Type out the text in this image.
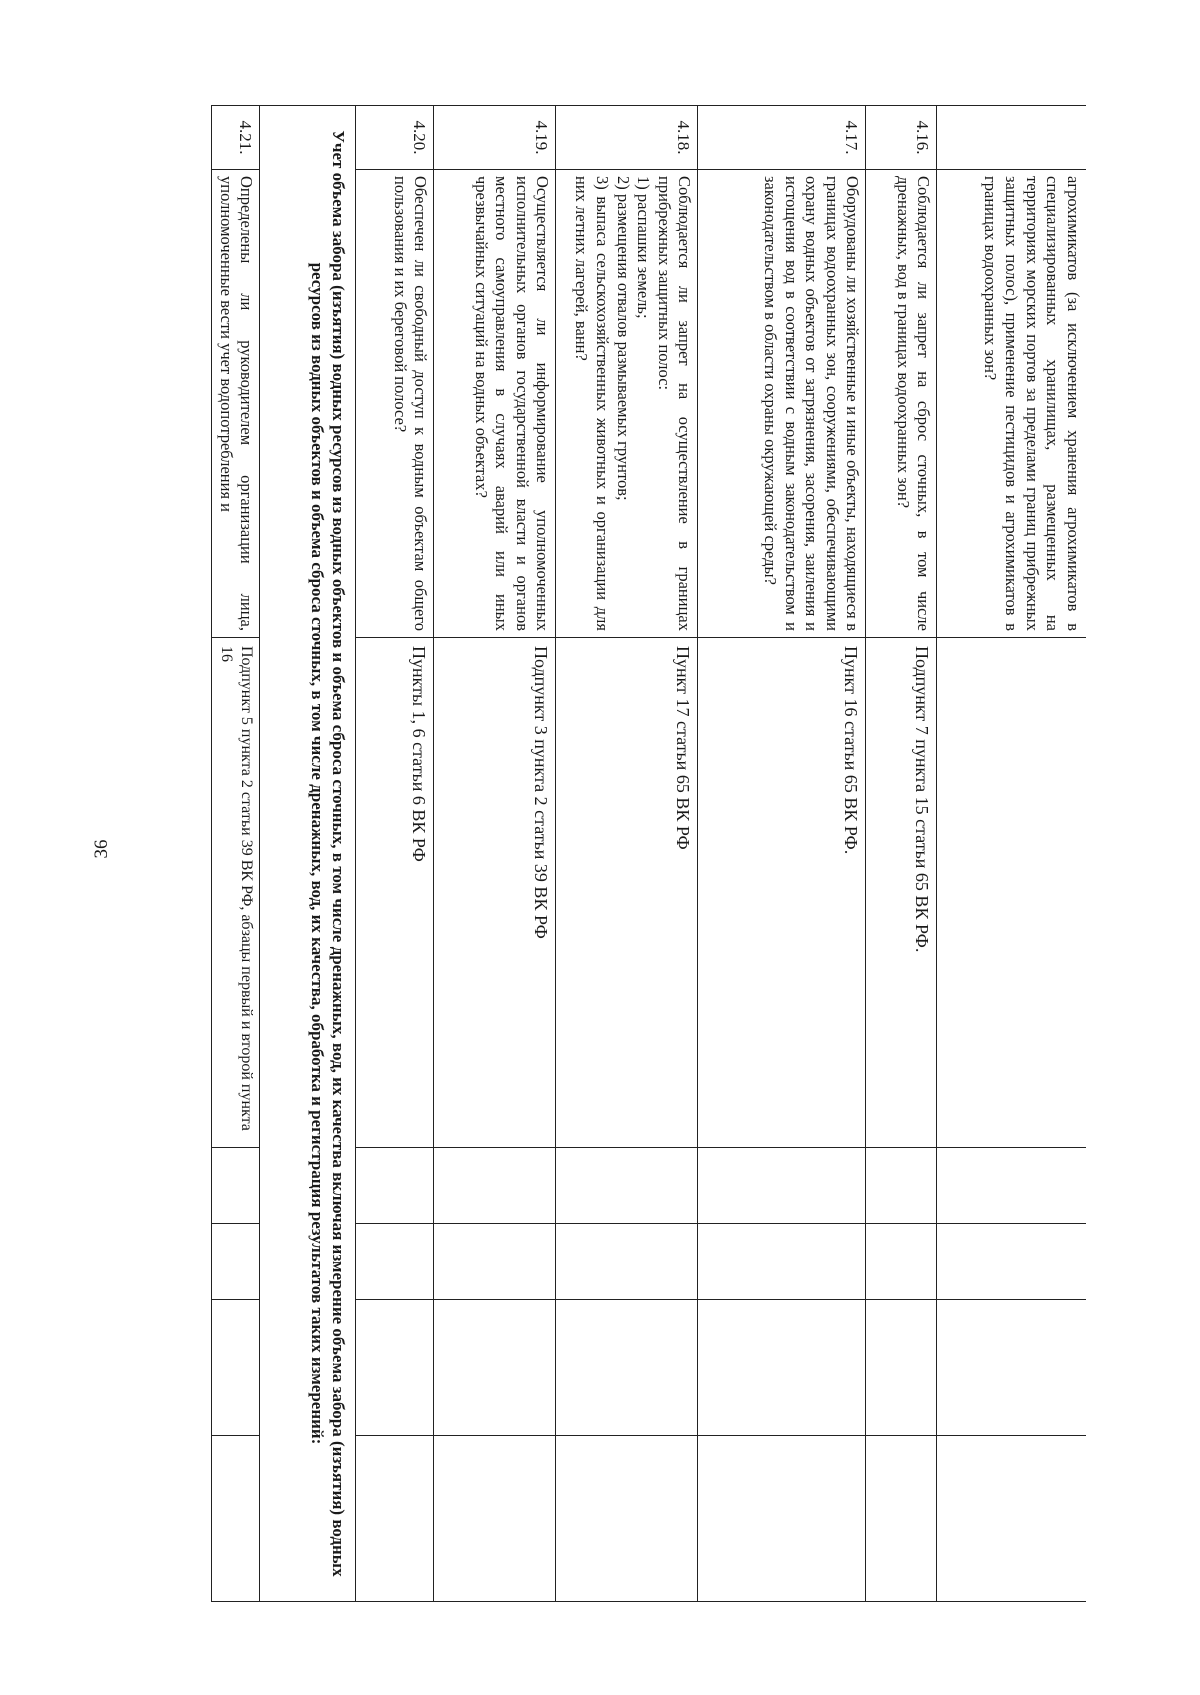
36
	агрохимикатов (за исключением хранения агрохимикатов в специализированных хранилищах, размещенных на территориях морских портов за пределами границ прибрежных защитных полос), применение пестицидов и агрохимикатов в границах водоохранных зон?					
4.16.	Соблюдается ли запрет на сброс сточных, в том числе дренажных, вод в границах водоохранных зон?	Подпункт 7 пункта 15 статьи 65 ВК РФ.				
4.17.	Оборудованы ли хозяйственные и иные объекты, находящиеся в границах водоохранных зон, сооружениями, обеспечивающими охрану водных объектов от загрязнения, засорения, заиления и истощения вод в соответствии с водным законодательством и законодательством в области охраны окружающей среды?	Пункт 16 статьи 65 ВК РФ.				
4.18.	Соблюдается ли запрет на осуществление в границах прибрежных защитных полос:
1) распашки земель;
2) размещения отвалов размываемых грунтов;
3) выпаса сельскохозяйственных животных и организации для них летних лагерей, ванн?	Пункт 17 статьи 65 ВК РФ				
4.19.	Осуществляется ли информирование уполномоченных исполнительных органов государственной власти и органов местного самоуправления в случаях аварий или иных чрезвычайных ситуаций на водных объектах?	Подпункт 3 пункта 2 статьи 39 ВК РФ				
4.20.	Обеспечен ли свободный доступ к водным объектам общего пользования и их береговой полосе?	Пункты 1, 6 статьи 6 ВК РФ				
Учет объема забора (изъятия) водных ресурсов из водных объектов и объема сброса сточных, в том числе дренажных, вод, их качества включая измерение объема забора (изъятия) водных ресурсов из водных объектов и объема сброса сточных, в том числе дренажных, вод, их качества, обработка и регистрация результатов таких измерений:						
4.21.	Определены ли руководителем организации лица, уполномоченные вести учет водопотребления и	Подпункт 5 пункта 2 статьи 39 ВК РФ, абзацы первый и второй пункта 16				
